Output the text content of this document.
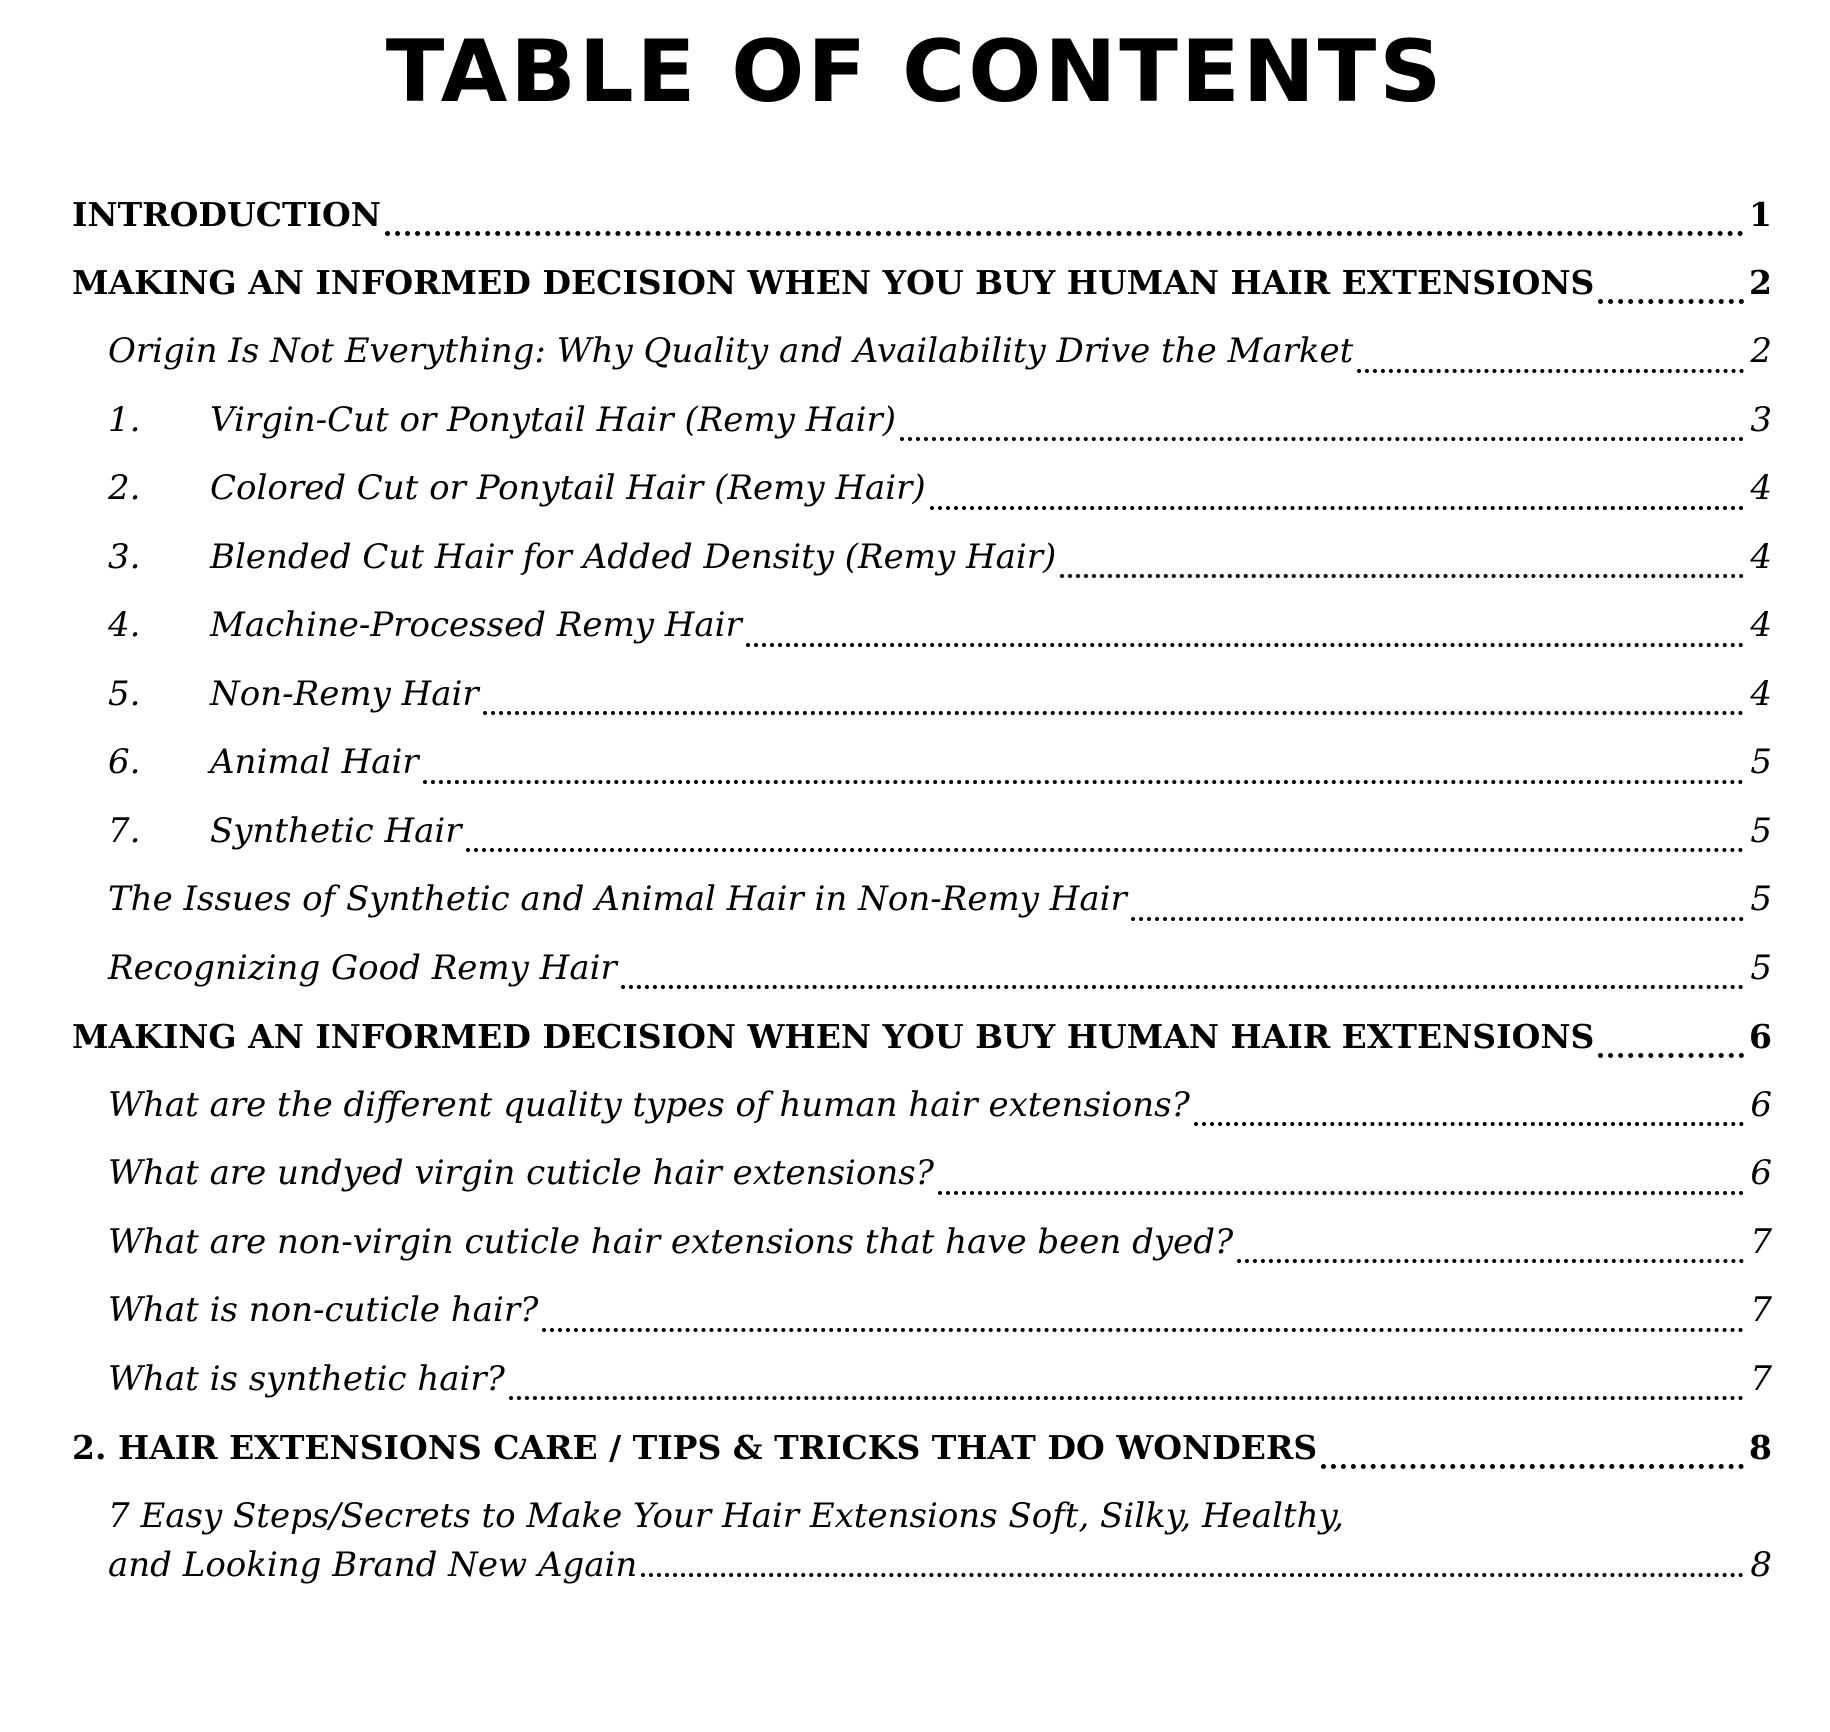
TABLE OF CONTENTS
INTRODUCTION	1
MAKING AN INFORMED DECISION WHEN YOU BUY HUMAN HAIR EXTENSIONS	2
Origin Is Not Everything: Why Quality and Availability Drive the Market	2
1.	Virgin-Cut or Ponytail Hair (Remy Hair)	3
2.	Colored Cut or Ponytail Hair (Remy Hair)	4
3.	Blended Cut Hair for Added Density (Remy Hair)	4
4.	Machine-Processed Remy Hair	4
5.	Non-Remy Hair	4
6.	Animal Hair	5
7.	Synthetic Hair	5
The Issues of Synthetic and Animal Hair in Non-Remy Hair	5
Recognizing Good Remy Hair	5
MAKING AN INFORMED DECISION WHEN YOU BUY HUMAN HAIR EXTENSIONS	6
What are the different quality types of human hair extensions?	6
What are undyed virgin cuticle hair extensions?	6
What are non-virgin cuticle hair extensions that have been dyed?	7
What is non-cuticle hair?	7
What is synthetic hair?	7
2. HAIR EXTENSIONS CARE / TIPS & TRICKS THAT DO WONDERS	8
7 Easy Steps/Secrets to Make Your Hair Extensions Soft, Silky, Healthy,
and Looking Brand New Again	8
